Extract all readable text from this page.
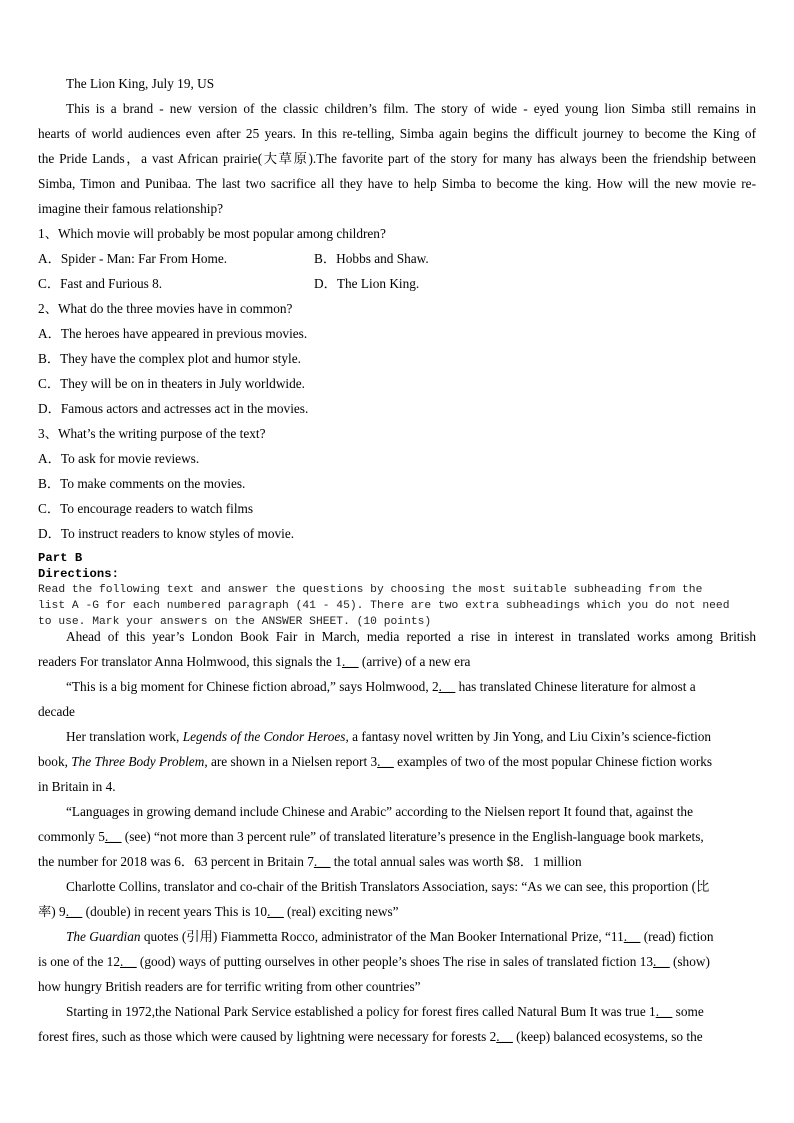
The Lion King, July 19, US
This is a brand - new version of the classic children’s film. The story of wide - eyed young lion Simba still remains in
hearts of world audiences even after 25 years. In this re-telling, Simba again begins the difficult journey to become the King of
the Pride Lands，a vast African prairie(大草原).The favorite part of the story for many has always been the friendship between
Simba, Timon and Punibaa. The last two sacrifice all they have to help Simba to become the king. How will the new movie re-
imagine their famous relationship?
1、Which movie will probably be most popular among children?
A．Spider - Man: Far From Home.	B．Hobbs and Shaw.
C．Fast and Furious 8.	D．The Lion King.
2、What do the three movies have in common?
A．The heroes have appeared in previous movies.
B．They have the complex plot and humor style.
C．They will be on in theaters in July worldwide.
D．Famous actors and actresses act in the movies.
3、What’s the writing purpose of the text?
A．To ask for movie reviews.
B．To make comments on the movies.
C．To encourage readers to watch films
D．To instruct readers to know styles of movie.
Part B
Directions:
Read the following text and answer the questions by choosing the most suitable subheading from the
list A -G for each numbered paragraph (41 - 45). There are two extra subheadings which you do not need
to use. Mark your answers on the ANSWER SHEET. (10 points)
Ahead of this year’s London Book Fair in March, media reported a rise in interest in translated works among British
readers For translator Anna Holmwood, this signals the 1.__ (arrive) of a new era
“This is a big moment for Chinese fiction abroad,” says Holmwood, 2.__ has translated Chinese literature for almost a
decade
Her translation work, Legends of the Condor Heroes, a fantasy novel written by Jin Yong, and Liu Cixin’s science-fiction
book, The Three Body Problem, are shown in a Nielsen report 3.__ examples of two of the most popular Chinese fiction works
in Britain in 4.
“Languages in growing demand include Chinese and Arabic” according to the Nielsen report It found that, against the
commonly 5.__ (see) “not more than 3 percent rule” of translated literature’s presence in the English-language book markets,
the number for 2018 was 6．63 percent in Britain 7.__ the total annual sales was worth $8．1 million
Charlotte Collins, translator and co-chair of the British Translators Association, says: “As we can see, this proportion (比
率) 9.__ (double) in recent years This is 10.__ (real) exciting news”
The Guardian quotes (引用) Fiammetta Rocco, administrator of the Man Booker International Prize, “11.__ (read) fiction
is one of the 12.__ (good) ways of putting ourselves in other people’s shoes The rise in sales of translated fiction 13.__ (show)
how hungry British readers are for terrific writing from other countries”
Starting in 1972,the National Park Service established a policy for forest fires called Natural Bum It was true 1.__ some
forest fires, such as those which were caused by lightning were necessary for forests 2.__ (keep) balanced ecosystems, so the
